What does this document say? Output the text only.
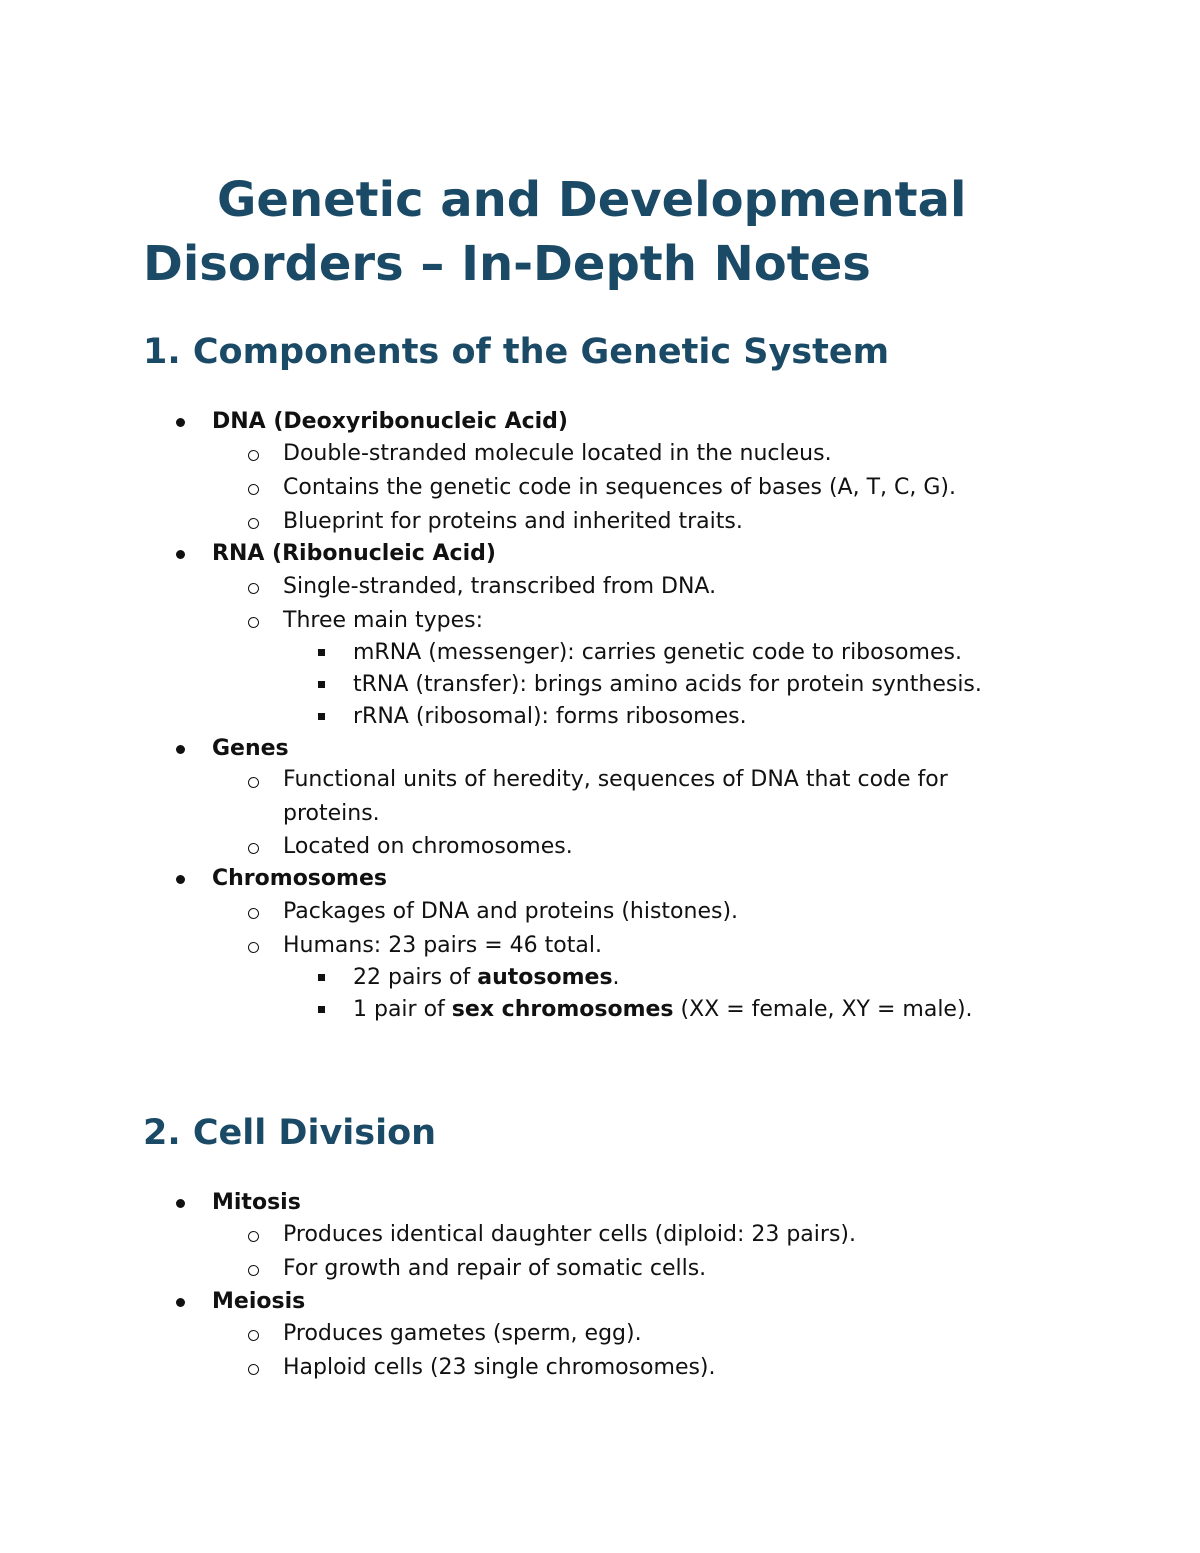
Genetic and Developmental Disorders – In-Depth Notes
1. Components of the Genetic System
DNA (Deoxyribonucleic Acid)
Double-stranded molecule located in the nucleus.
Contains the genetic code in sequences of bases (A, T, C, G).
Blueprint for proteins and inherited traits.
RNA (Ribonucleic Acid)
Single-stranded, transcribed from DNA.
Three main types:
mRNA (messenger): carries genetic code to ribosomes.
tRNA (transfer): brings amino acids for protein synthesis.
rRNA (ribosomal): forms ribosomes.
Genes
Functional units of heredity, sequences of DNA that code for
proteins.
Located on chromosomes.
Chromosomes
Packages of DNA and proteins (histones).
Humans: 23 pairs = 46 total.
22 pairs of autosomes.
1 pair of sex chromosomes (XX = female, XY = male).
2. Cell Division
Mitosis
Produces identical daughter cells (diploid: 23 pairs).
For growth and repair of somatic cells.
Meiosis
Produces gametes (sperm, egg).
Haploid cells (23 single chromosomes).
